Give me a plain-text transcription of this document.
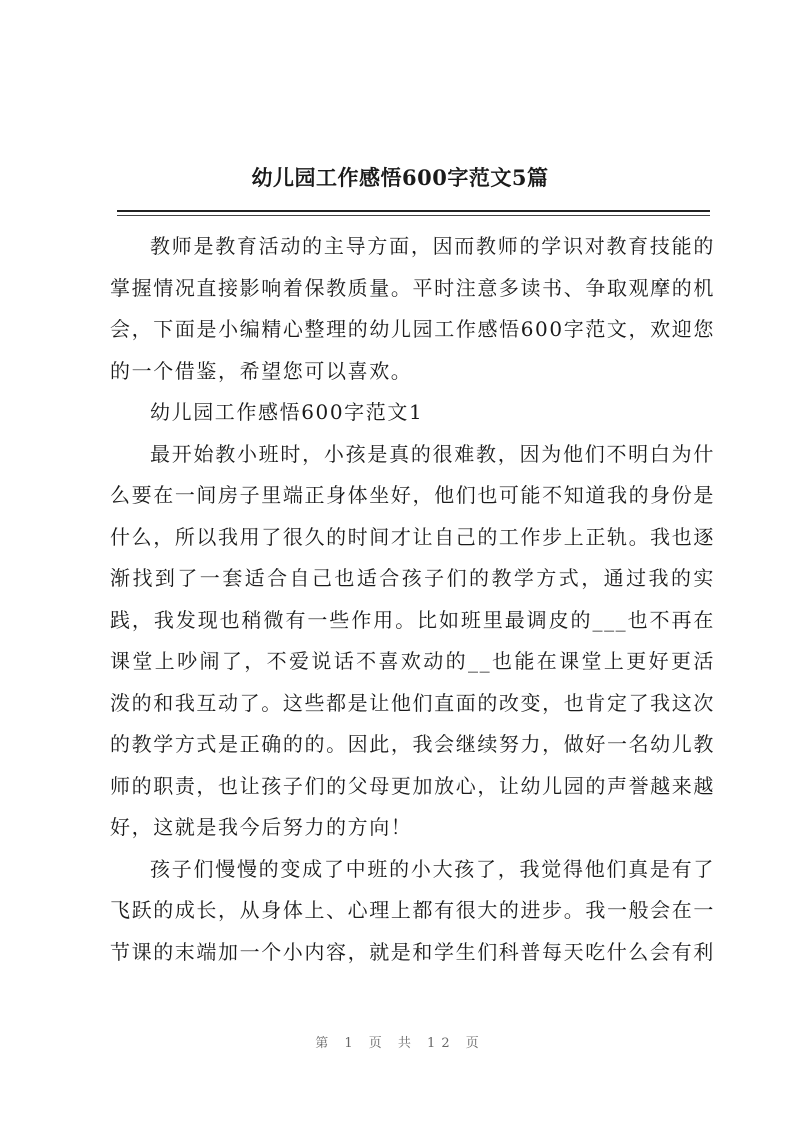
幼儿园工作感悟600字范文5篇

教师是教育活动的主导方面，因而教师的学识对教育技能的掌握情况直接影响着保教质量。平时注意多读书、争取观摩的机会，下面是小编精心整理的幼儿园工作感悟600字范文，欢迎您的一个借鉴，希望您可以喜欢。

幼儿园工作感悟600字范文1

最开始教小班时，小孩是真的很难教，因为他们不明白为什么要在一间房子里端正身体坐好，他们也可能不知道我的身份是什么，所以我用了很久的时间才让自己的工作步上正轨。我也逐渐找到了一套适合自己也适合孩子们的教学方式，通过我的实践，我发现也稍微有一些作用。比如班里最调皮的___也不再在课堂上吵闹了，不爱说话不喜欢动的__也能在课堂上更好更活泼的和我互动了。这些都是让他们直面的改变，也肯定了我这次的教学方式是正确的的。因此，我会继续努力，做好一名幼儿教师的职责，也让孩子们的父母更加放心，让幼儿园的声誉越来越好，这就是我今后努力的方向！

孩子们慢慢的变成了中班的小大孩了，我觉得他们真是有了飞跃的成长，从身体上、心理上都有很大的进步。我一般会在一节课的末端加一个小内容，就是和学生们科普每天吃什么会有利

第 1 页 共 12 页
